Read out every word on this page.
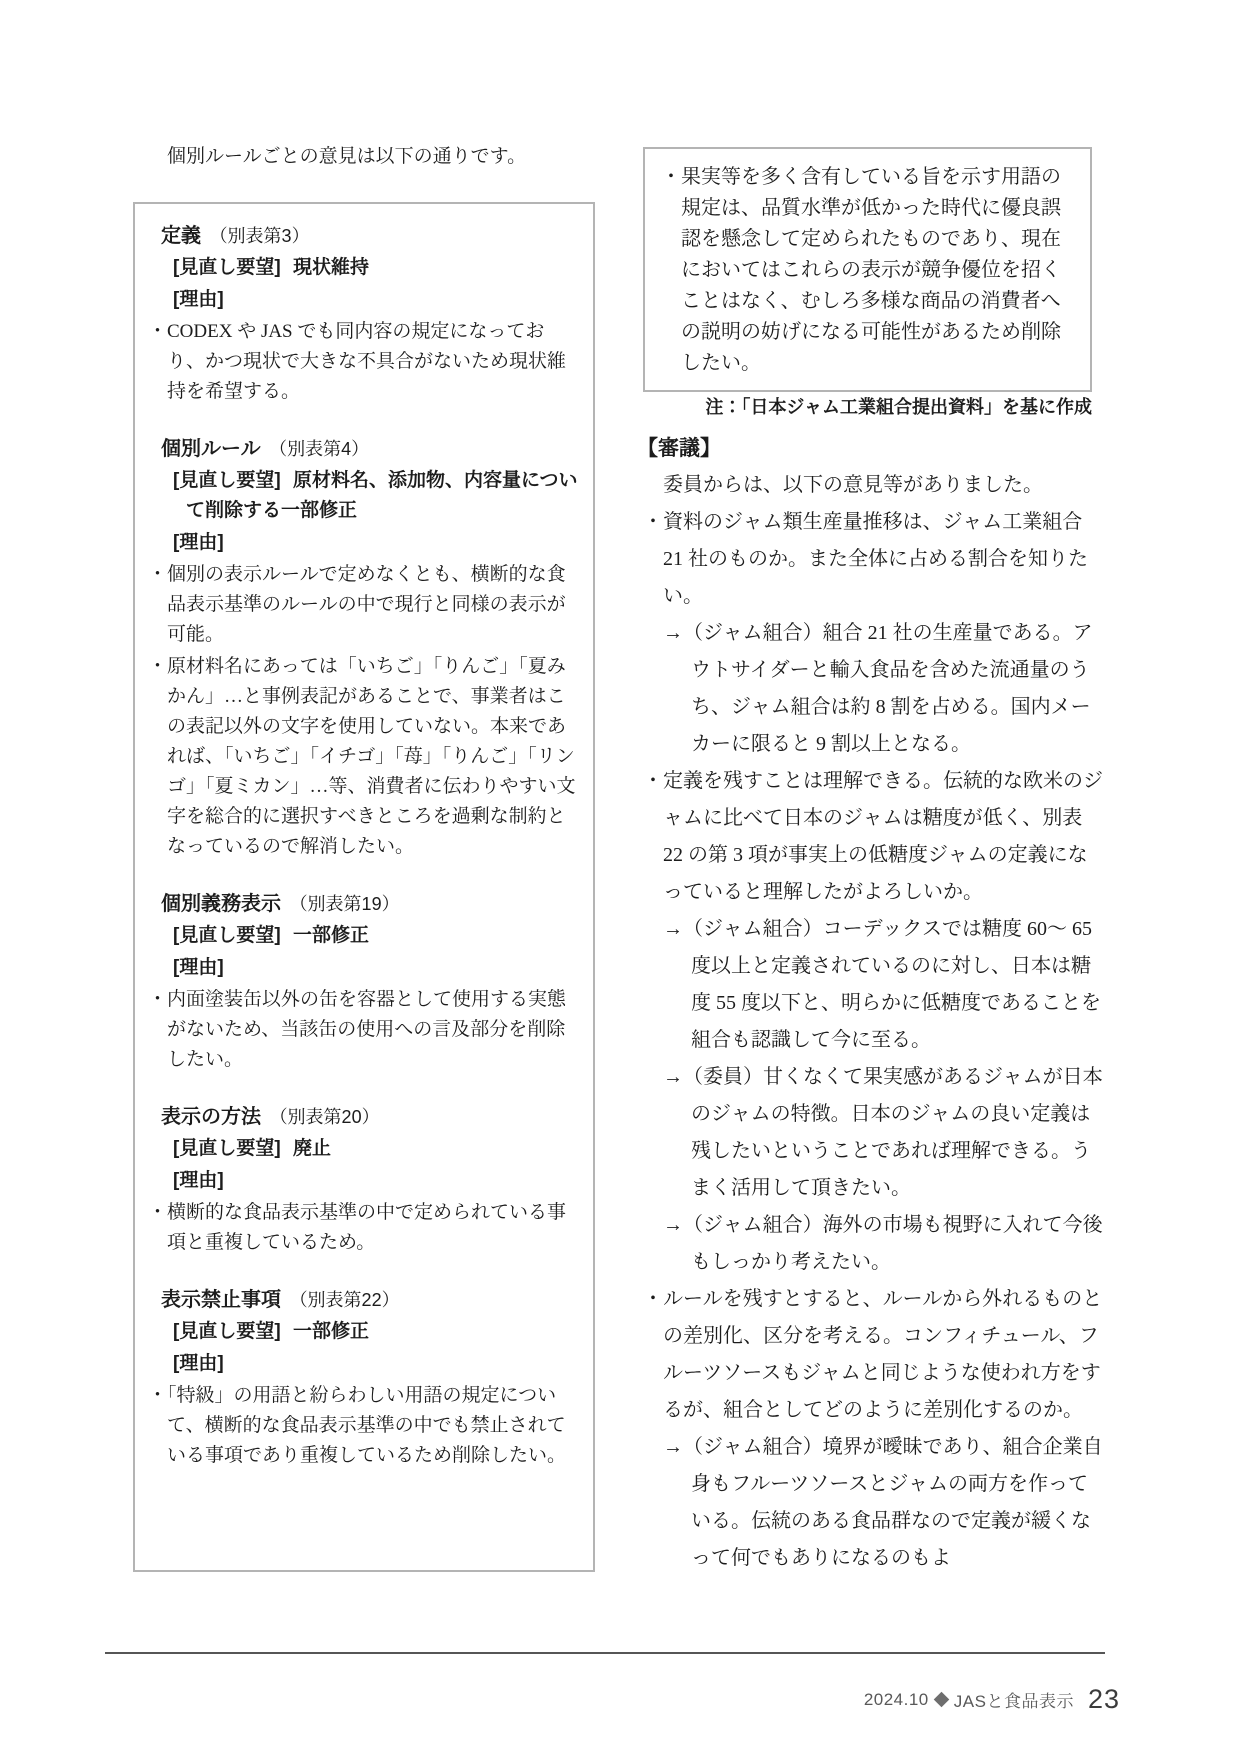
個別ルールごとの意見は以下の通りです。

定義 （別表第3）

[見直し要望] 現状維持

[理由]

・CODEX や JAS でも同内容の規定になっており、かつ現状で大きな不具合がないため現状維持を希望する。

個別ルール （別表第4）

[見直し要望] 原材料名、添加物、内容量について削除する一部修正

[理由]

・個別の表示ルールで定めなくとも、横断的な食品表示基準のルールの中で現行と同様の表示が可能。

・原材料名にあっては「いちご」「りんご」「夏みかん」…と事例表記があることで、事業者はこの表記以外の文字を使用していない。本来であれば、「いちご」「イチゴ」「苺」「りんご」「リンゴ」「夏ミカン」…等、消費者に伝わりやすい文字を総合的に選択すべきところを過剰な制約となっているので解消したい。

個別義務表示 （別表第19）

[見直し要望] 一部修正

[理由]

・内面塗装缶以外の缶を容器として使用する実態がないため、当該缶の使用への言及部分を削除したい。

表示の方法 （別表第20）

[見直し要望] 廃止

[理由]

・横断的な食品表示基準の中で定められている事項と重複しているため。

表示禁止事項 （別表第22）

[見直し要望] 一部修正

[理由]

・「特級」の用語と紛らわしい用語の規定について、横断的な食品表示基準の中でも禁止されている事項であり重複しているため削除したい。

・果実等を多く含有している旨を示す用語の規定は、品質水準が低かった時代に優良誤認を懸念して定められたものであり、現在においてはこれらの表示が競争優位を招くことはなく、むしろ多様な商品の消費者への説明の妨げになる可能性があるため削除したい。

注：「日本ジャム工業組合提出資料」を基に作成

【審議】

委員からは、以下の意見等がありました。

・資料のジャム類生産量推移は、ジャム工業組合 21 社のものか。また全体に占める割合を知りたい。

→（ジャム組合）組合 21 社の生産量である。アウトサイダーと輸入食品を含めた流通量のうち、ジャム組合は約 8 割を占める。国内メーカーに限ると 9 割以上となる。

・定義を残すことは理解できる。伝統的な欧米のジャムに比べて日本のジャムは糖度が低く、別表 22 の第 3 項が事実上の低糖度ジャムの定義になっていると理解したがよろしいか。

→（ジャム組合）コーデックスでは糖度 60〜 65 度以上と定義されているのに対し、日本は糖度 55 度以下と、明らかに低糖度であることを組合も認識して今に至る。

→（委員）甘くなくて果実感があるジャムが日本のジャムの特徴。日本のジャムの良い定義は残したいということであれば理解できる。うまく活用して頂きたい。

→（ジャム組合）海外の市場も視野に入れて今後もしっかり考えたい。

・ルールを残すとすると、ルールから外れるものとの差別化、区分を考える。コンフィチュール、フルーツソースもジャムと同じような使われ方をするが、組合としてどのように差別化するのか。

→（ジャム組合）境界が曖昧であり、組合企業自身もフルーツソースとジャムの両方を作っている。伝統のある食品群なので定義が緩くなって何でもありになるのもよ

2024.10 JASと食品表示 23
